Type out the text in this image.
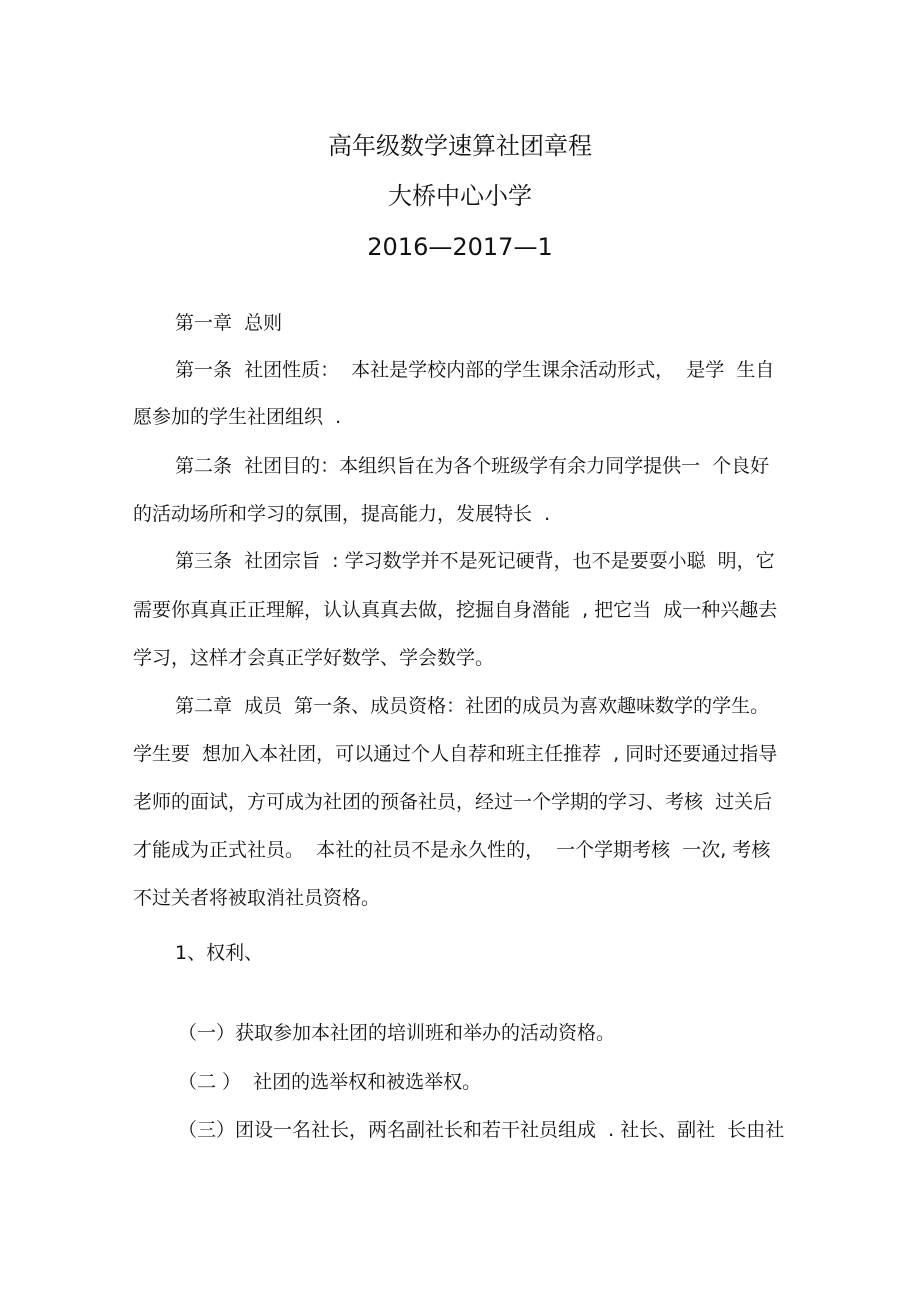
高年级数学速算社团章程
大桥中心小学
2016—2017—1
第一章  总则
第一条  社团性质：  本社是学校内部的学生课余活动形式，  是学  生自
愿参加的学生社团组织  .
第二条  社团目的：本组织旨在为各个班级学有余力同学提供一  个良好
的活动场所和学习的氛围，提高能力，发展特长  .
第三条  社团宗旨  : 学习数学并不是死记硬背，也不是要耍小聪  明，它
需要你真真正正理解，认认真真去做，挖掘自身潜能  , 把它当  成一种兴趣去
学习，这样才会真正学好数学、学会数学。
第二章  成员  第一条、成员资格：社团的成员为喜欢趣味数学的学生。
学生要  想加入本社团，可以通过个人自荐和班主任推荐  , 同时还要通过指导
老师的面试，方可成为社团的预备社员，经过一个学期的学习、考核  过关后
才能成为正式社员。  本社的社员不是永久性的，  一个学期考核  一次, 考核
不过关者将被取消社员资格。
1、权利、
（一）获取参加本社团的培训班和举办的活动资格。
（二 ）  社团的选举权和被选举权。
（三）团设一名社长，两名副社长和若干社员组成  . 社长、副社  长由社
